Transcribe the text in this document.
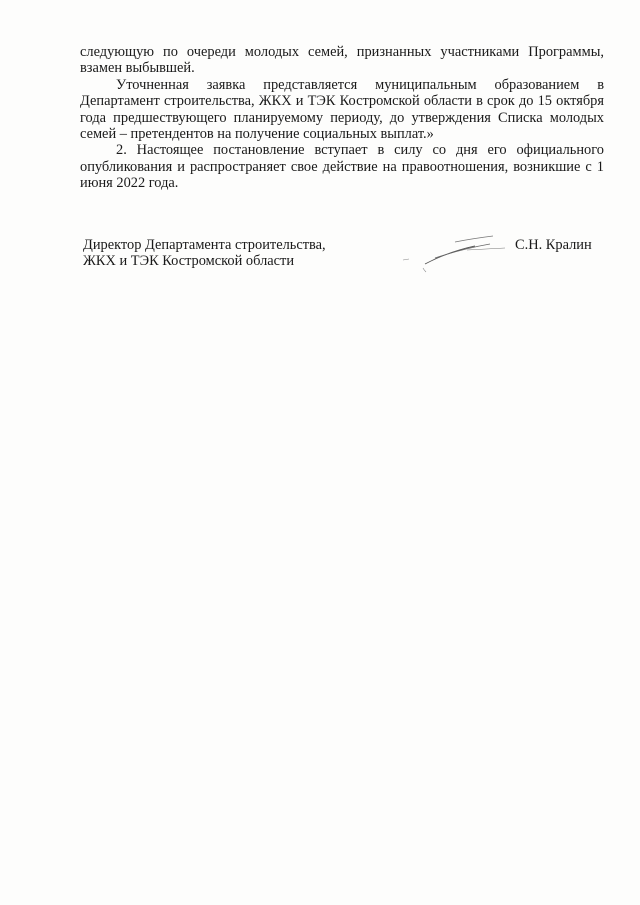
следующую по очереди молодых семей, признанных участниками Программы, взамен выбывшей.

Уточненная заявка представляется муниципальным образованием в Департамент строительства, ЖКХ и ТЭК Костромской области в срок до 15 октября года предшествующего планируемому периоду, до утверждения Списка молодых семей – претендентов на получение социальных выплат.»

2. Настоящее постановление вступает в силу со дня его официального опубликования и распространяет свое действие на правоотношения, возникшие с 1 июня 2022 года.

Директор Департамента строительства,
ЖКХ и ТЭК Костромской области
С.Н. Кралин
